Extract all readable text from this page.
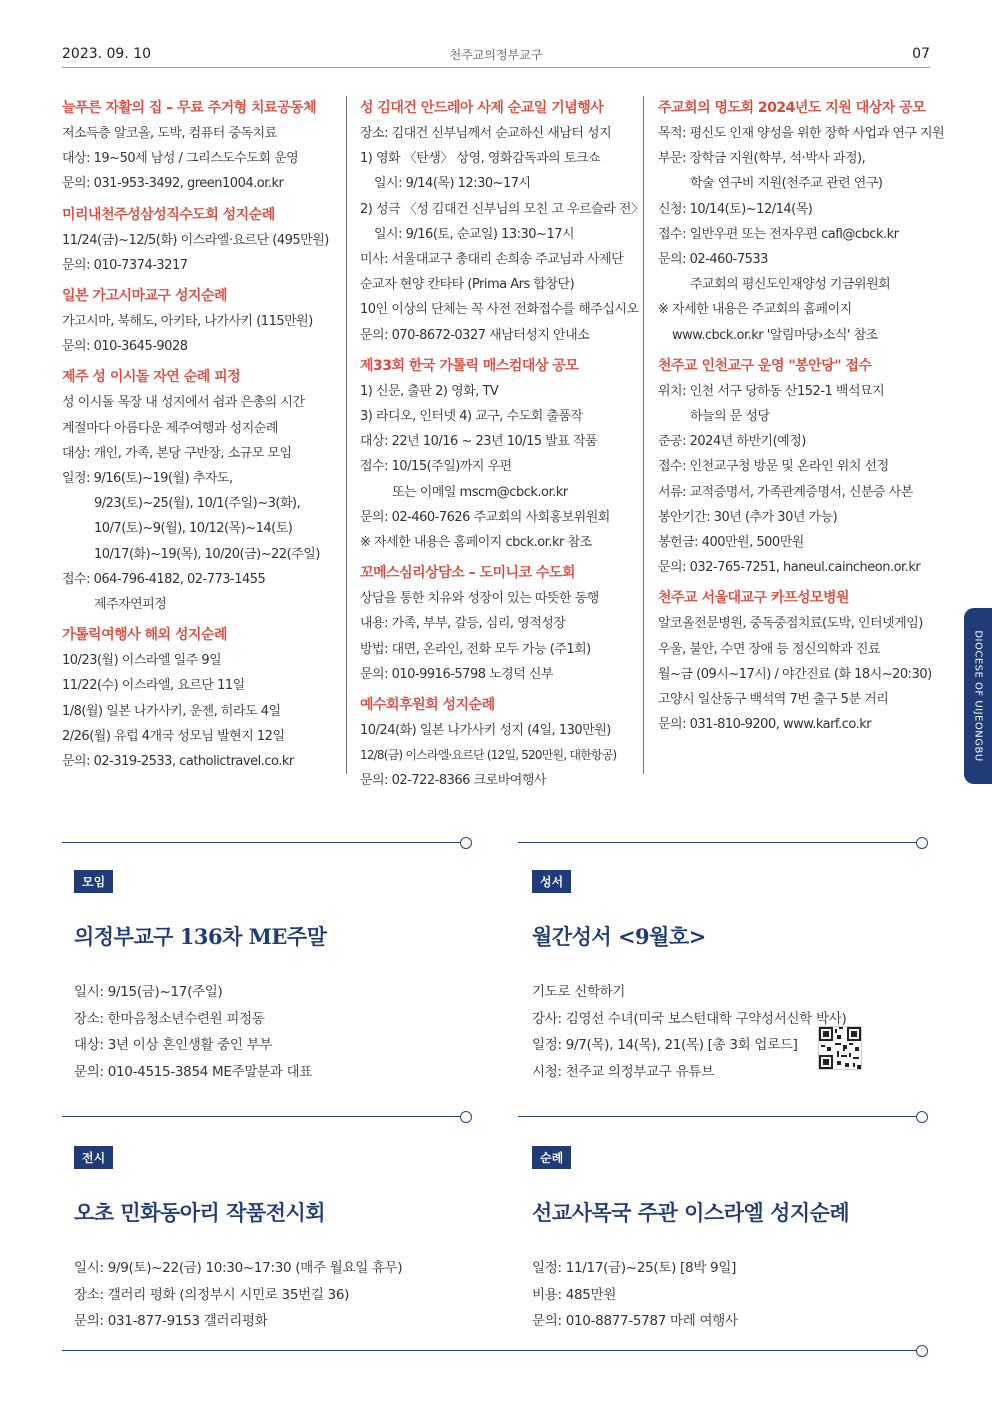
2023. 09. 10	천주교의정부교구	07
늘푸른 자활의 집 – 무료 주거형 치료공동체
저소득층 알코올, 도박, 컴퓨터 중독치료
대상: 19~50세 남성 / 그리스도수도회 운영
문의: 031-953-3492, green1004.or.kr
미리내천주성삼성직수도회 성지순례
11/24(금)~12/5(화) 이스라엘·요르단 (495만원)
문의: 010-7374-3217
일본 가고시마교구 성지순례
가고시마, 북해도, 아키타, 나가사키 (115만원)
문의: 010-3645-9028
제주 성 이시돌 자연 순례 피정
성 이시돌 목장 내 성지에서 쉼과 은총의 시간
계절마다 아름다운 제주여행과 성지순례
대상: 개인, 가족, 본당 구반장, 소규모 모임
일정: 9/16(토)~19(월) 추자도,
9/23(토)~25(월), 10/1(주일)~3(화),
10/7(토)~9(월), 10/12(목)~14(토)
10/17(화)~19(목), 10/20(금)~22(주일)
접수: 064-796-4182, 02-773-1455
제주자연피정
가톨릭여행사 해외 성지순례
10/23(월) 이스라엘 일주 9일
11/22(수) 이스라엘, 요르단 11일
1/8(월) 일본 나가사키, 운젠, 히라도 4일
2/26(월) 유럽 4개국 성모님 발현지 12일
문의: 02-319-2533, catholictravel.co.kr
성 김대건 안드레아 사제 순교일 기념행사
장소: 김대건 신부님께서 순교하신 새남터 성지
1) 영화 〈탄생〉 상영, 영화감독과의 토크쇼
일시: 9/14(목) 12:30~17시
2) 성극 〈성 김대건 신부님의 모친 고 우르슬라 전〉
일시: 9/16(토, 순교일) 13:30~17시
미사: 서울대교구 총대리 손희송 주교님과 사제단
순교자 현양 칸타타 (Prima Ars 합창단)
10인 이상의 단체는 꼭 사전 전화접수를 해주십시오
문의: 070-8672-0327 새남터성지 안내소
제33회 한국 가톨릭 매스컴대상 공모
1) 신문, 출판 2) 영화, TV
3) 라디오, 인터넷 4) 교구, 수도회 출품작
대상: 22년 10/16 ~ 23년 10/15 발표 작품
접수: 10/15(주일)까지 우편
또는 이메일 mscm@cbck.or.kr
문의: 02-460-7626 주교회의 사회홍보위원회
※ 자세한 내용은 홈페이지 cbck.or.kr 참조
꼬메스심리상담소 – 도미니코 수도회
상담을 통한 치유와 성장이 있는 따뜻한 동행
내용: 가족, 부부, 갈등, 심리, 영적성장
방법: 대면, 온라인, 전화 모두 가능 (주1회)
문의: 010-9916-5798 노경덕 신부
예수회후원회 성지순례
10/24(화) 일본 나가사키 성지 (4일, 130만원)
12/8(금) 이스라엘·요르단 (12일, 520만원, 대한항공)
문의: 02-722-8366 크로바여행사
주교회의 명도회 2024년도 지원 대상자 공모
목적: 평신도 인재 양성을 위한 장학 사업과 연구 지원
부문: 장학금 지원(학부, 석·박사 과정),
학술 연구비 지원(천주교 관련 연구)
신청: 10/14(토)~12/14(목)
접수: 일반우편 또는 전자우편 cafl@cbck.kr
문의: 02-460-7533
주교회의 평신도인재양성 기금위원회
※ 자세한 내용은 주교회의 홈페이지
www.cbck.or.kr '알림마당›소식' 참조
천주교 인천교구 운영 "봉안당" 접수
위치: 인천 서구 당하동 산152-1 백석묘지
하늘의 문 성당
준공: 2024년 하반기(예정)
접수: 인천교구청 방문 및 온라인 위치 선정
서류: 교적증명서, 가족관계증명서, 신분증 사본
봉안기간: 30년 (추가 30년 가능)
봉헌금: 400만원, 500만원
문의: 032-765-7251, haneul.caincheon.or.kr
천주교 서울대교구 카프성모병원
알코올전문병원, 중독중점치료(도박, 인터넷게임)
우울, 불안, 수면 장애 등 정신의학과 진료
월~금 (09시~17시) / 야간진료 (화 18시~20:30)
고양시 일산동구 백석역 7번 출구 5분 거리
문의: 031-810-9200, www.karf.co.kr	DIOCESE OF UIJEONGBU
모임
의정부교구 136차 ME주말

일시: 9/15(금)~17(주일)

장소: 한마음청소년수련원 피정동

대상: 3년 이상 혼인생활 중인 부부

문의: 010-4515-3854 ME주말분과 대표

성서
월간성서 <9월호>

기도로 신학하기

강사: 김영선 수녀(미국 보스턴대학 구약성서신학 박사)

일정: 9/7(목), 14(목), 21(목) [총 3회 업로드]

시청: 천주교 의정부교구 유튜브

전시
오초 민화동아리 작품전시회

일시: 9/9(토)~22(금) 10:30~17:30 (매주 월요일 휴무)

장소: 갤러리 평화 (의정부시 시민로 35번길 36)

문의: 031-877-9153 갤러리평화

순례
선교사목국 주관 이스라엘 성지순례

일정: 11/17(금)~25(토) [8박 9일]

비용: 485만원

문의: 010-8877-5787 마레 여행사
